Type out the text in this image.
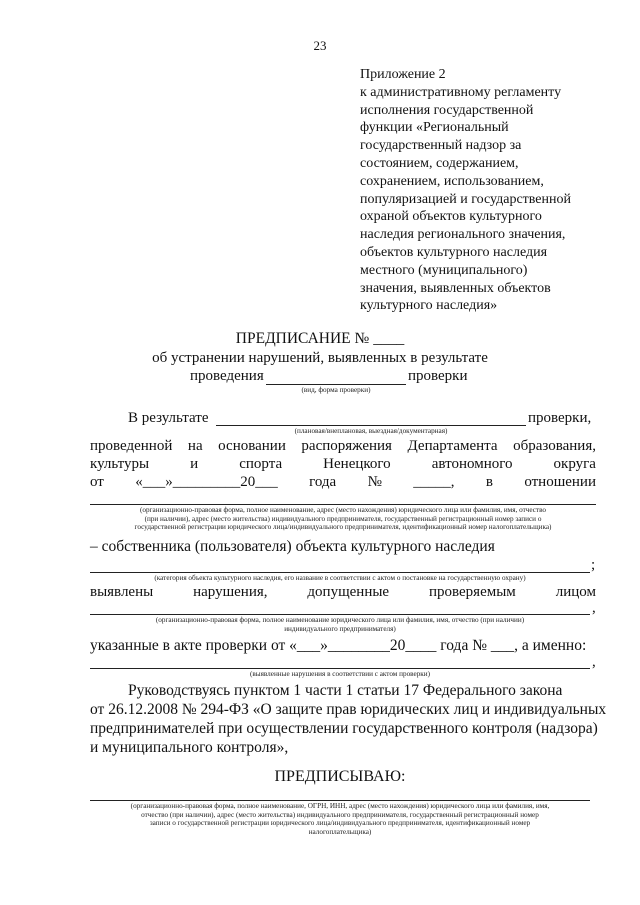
23
Приложение 2
к административному регламенту
исполнения государственной
функции «Региональный
государственный надзор за
состоянием, содержанием,
сохранением, использованием,
популяризацией и государственной
охраной объектов культурного
наследия регионального значения,
объектов культурного наследия
местного (муниципального)
значения, выявленных объектов
культурного наследия»
ПРЕДПИСАНИЕ № ____
об устранении нарушений, выявленных в результате
проведения	проверки
(вид, форма проверки)
В результате	проверки,
(плановая/внеплановая, выездная/документарная)
проведенной на основании распоряжения Департамента образования,
культуры	и	спорта	Ненецкого	автономного	округа
от «___»_________20___ года № _____, в отношении
(организационно-правовая форма, полное наименование, адрес (место нахождения) юридического лица или фамилия, имя, отчество
(при наличии), адрес (место жительства) индивидуального предпринимателя, государственный регистрационный номер записи о
государственной регистрации юридического лица/индивидуального предпринимателя, идентификационный номер налогоплательщика)
– собственника (пользователя) объекта культурного наследия
;
(категория объекта культурного наследия, его название в соответствии с актом о постановке на государственную охрану)
выявлены	нарушения,	допущенные	проверяемым	лицом
,
(организационно-правовая форма, полное наименование юридического лица или фамилия, имя, отчество (при наличии)
индивидуального предпринимателя)
указанные в акте проверки от «___»________20____ года № ___, а именно:
,
(выявленные нарушения в соответствии с актом проверки)
Руководствуясь пунктом 1 части 1 статьи 17 Федерального закона
от 26.12.2008 № 294-ФЗ «О защите прав юридических лиц и индивидуальных
предпринимателей при осуществлении государственного контроля (надзора)
и муниципального контроля»,
ПРЕДПИСЫВАЮ:
(организационно-правовая форма, полное наименование, ОГРН, ИНН, адрес (место нахождения) юридического лица или фамилия, имя,
отчество (при наличии), адрес (место жительства) индивидуального предпринимателя, государственный регистрационный номер
записи о государственной регистрации юридического лица/индивидуального предпринимателя, идентификационный номер
налогоплательщика)
